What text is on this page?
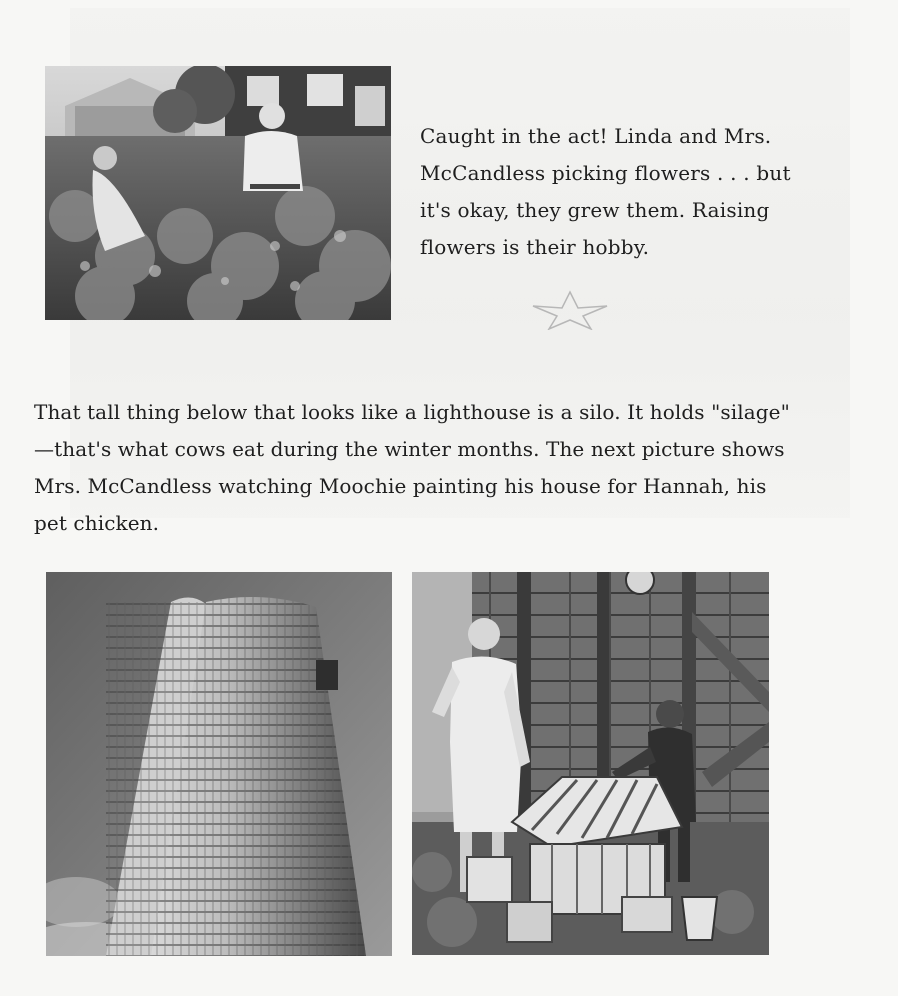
Caught in the act! Linda and Mrs. McCandless picking flowers . . . but it's okay, they grew them. Raising flowers is their hobby.
That tall thing below that looks like a lighthouse is a silo. It holds "silage" —that's what cows eat during the winter months. The next picture shows Mrs. McCandless watching Moochie painting his house for Hannah, his pet chicken.
